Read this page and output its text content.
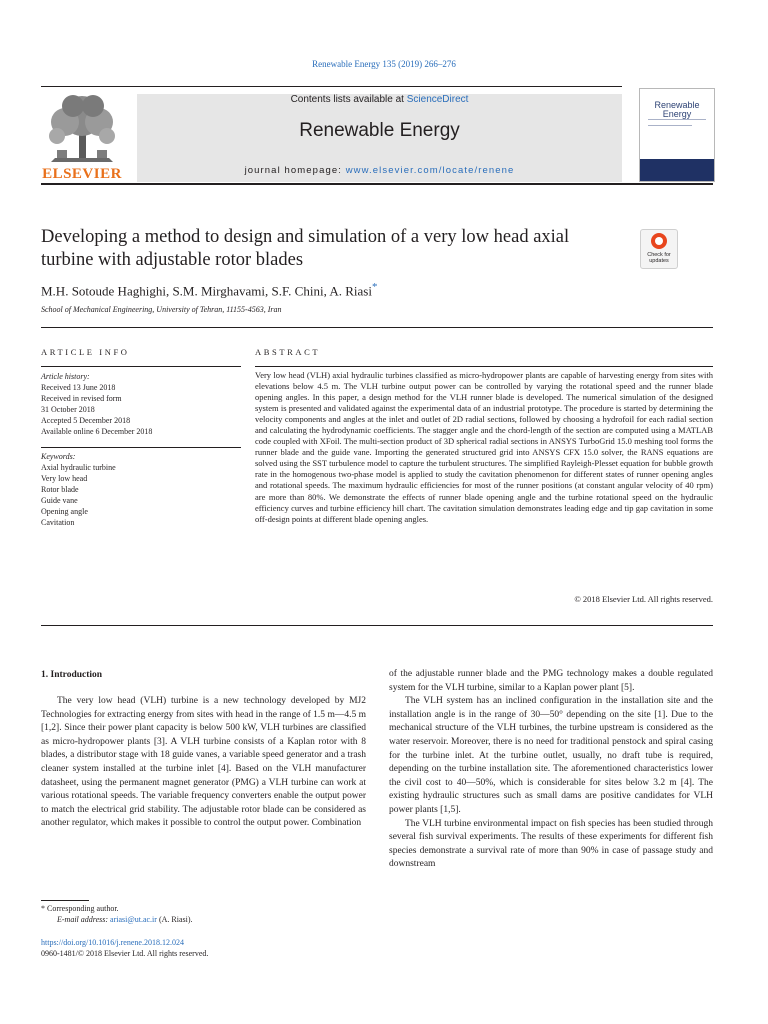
Renewable Energy 135 (2019) 266–276
ELSEVIER
Contents lists available at ScienceDirect
Renewable Energy
journal homepage: www.elsevier.com/locate/renene
Renewable Energy
Developing a method to design and simulation of a very low head axial turbine with adjustable rotor blades	Check for updates
M.H. Sotoude Haghighi, S.M. Mirghavami, S.F. Chini, A. Riasi*
School of Mechanical Engineering, University of Tehran, 11155-4563, Iran
ARTICLE INFO
Article history:
Received 13 June 2018
Received in revised form
31 October 2018
Accepted 5 December 2018
Available online 6 December 2018
Keywords:
Axial hydraulic turbine
Very low head
Rotor blade
Guide vane
Opening angle
Cavitation
ABSTRACT
Very low head (VLH) axial hydraulic turbines classified as micro-hydropower plants are capable of harvesting energy from sites with elevations below 4.5 m. The VLH turbine output power can be controlled by varying the rotational speed and the runner blade opening angles. In this paper, a design method for the VLH runner blade is developed. The numerical simulation of the designed system is presented and validated against the experimental data of an industrial prototype. The procedure is started by determining the velocity components and angles at the inlet and outlet of 2D radial sections, followed by choosing a hydrofoil for each radial section and calculating the hydrodynamic coefficients. The stagger angle and the chord-length of the section are computed using a MATLAB code coupled with XFoil. The multi-section product of 3D spherical radial sections in ANSYS TurboGrid 15.0 meshing tool forms the runner blade and the guide vane. Importing the generated structured grid into ANSYS CFX 15.0 solver, the RANS equations are solved using the SST turbulence model to capture the turbulent structures. The simplified Rayleigh-Plesset equation for bubble growth rate in the homogenous two-phase model is applied to study the cavitation phenomenon for different states of runner opening angles and rotational speeds. The maximum hydraulic efficiencies for most of the runner positions (at constant angular velocity of 40 rpm) are more than 80%. We demonstrate the effects of runner blade opening angle and the turbine rotational speed on the hydraulic efficiency curves and turbine efficiency hill chart. The cavitation simulation demonstrates leading edge and tip gap cavitation in some off-design points at different blade opening angles.
© 2018 Elsevier Ltd. All rights reserved.
1. Introduction

The very low head (VLH) turbine is a new technology developed by MJ2 Technologies for extracting energy from sites with head in the range of 1.5 m—4.5 m [1,2]. Since their power plant capacity is below 500 kW, VLH turbines are classified as micro-hydropower plants [3]. A VLH turbine consists of a Kaplan rotor with 8 blades, a distributor stage with 18 guide vanes, a variable speed generator and a trash cleaner system installed at the turbine inlet [4]. Based on the VLH manufacturer datasheet, using the permanent magnet generator (PMG) a VLH turbine can work at various rotational speeds. The variable frequency converters enable the output power to match the electrical grid stability. The adjustable rotor blade can be considered as another regulator, which makes it possible to control the output power. Combination

of the adjustable runner blade and the PMG technology makes a double regulated system for the VLH turbine, similar to a Kaplan power plant [5].

The VLH system has an inclined configuration in the installation site and the installation angle is in the range of 30—50° depending on the site [1]. Due to the mechanical structure of the VLH turbines, the turbine upstream is considered as the water reservoir. Moreover, there is no need for traditional penstock and spiral casing for the turbine inlet. At the turbine outlet, usually, no draft tube is required, depending on the turbine installation site. The aforementioned characteristics lower the civil cost to 40—50%, which is considerable for sites below 3.2 m [4]. The existing hydraulic structures such as small dams are positive candidates for VLH power plants [1,5].

The VLH turbine environmental impact on fish species has been studied through several fish survival experiments. The results of these experiments for different fish species demonstrate a survival rate of more than 90% in case of passage study and downstream

* Corresponding author.
E-mail address: ariasi@ut.ac.ir (A. Riasi).
https://doi.org/10.1016/j.renene.2018.12.024
0960-1481/© 2018 Elsevier Ltd. All rights reserved.
